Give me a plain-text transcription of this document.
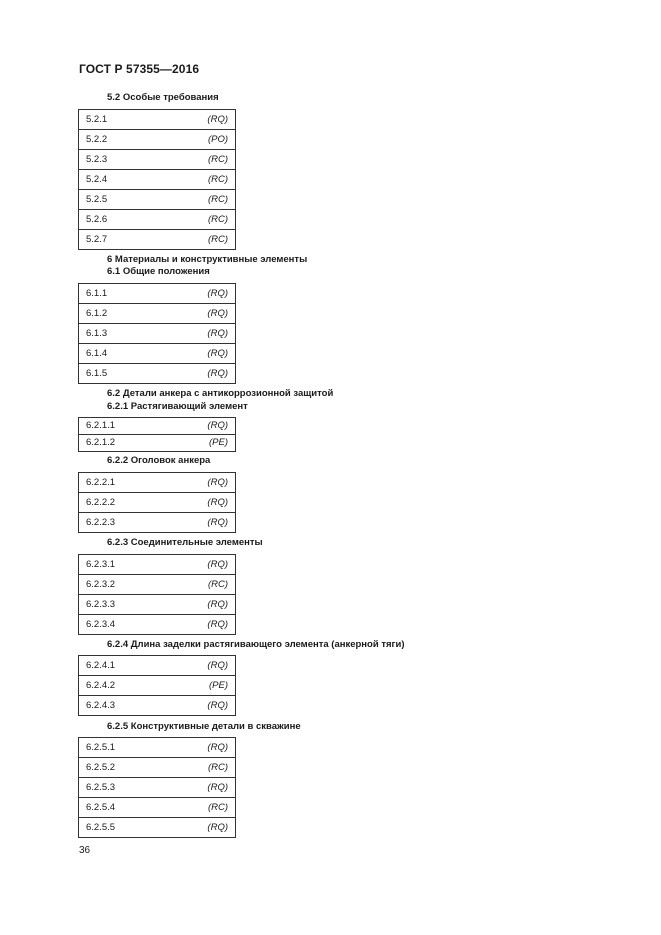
ГОСТ Р 57355—2016
5.2 Особые требования
5.2.1	(RQ)
5.2.2	(PO)
5.2.3	(RC)
5.2.4	(RC)
5.2.5	(RC)
5.2.6	(RC)
5.2.7	(RC)
6 Материалы и конструктивные элементы
6.1 Общие положения
6.1.1	(RQ)
6.1.2	(RQ)
6.1.3	(RQ)
6.1.4	(RQ)
6.1.5	(RQ)
6.2 Детали анкера с антикоррозионной защитой
6.2.1 Растягивающий элемент
6.2.1.1	(RQ)
6.2.1.2	(PE)
6.2.2 Оголовок анкера
6.2.2.1	(RQ)
6.2.2.2	(RQ)
6.2.2.3	(RQ)
6.2.3 Соединительные элементы
6.2.3.1	(RQ)
6.2.3.2	(RC)
6.2.3.3	(RQ)
6.2.3.4	(RQ)
6.2.4 Длина заделки растягивающего элемента (анкерной тяги)
6.2.4.1	(RQ)
6.2.4.2	(PE)
6.2.4.3	(RQ)
6.2.5 Конструктивные детали в скважине
6.2.5.1	(RQ)
6.2.5.2	(RC)
6.2.5.3	(RQ)
6.2.5.4	(RC)
6.2.5.5	(RQ)
36
